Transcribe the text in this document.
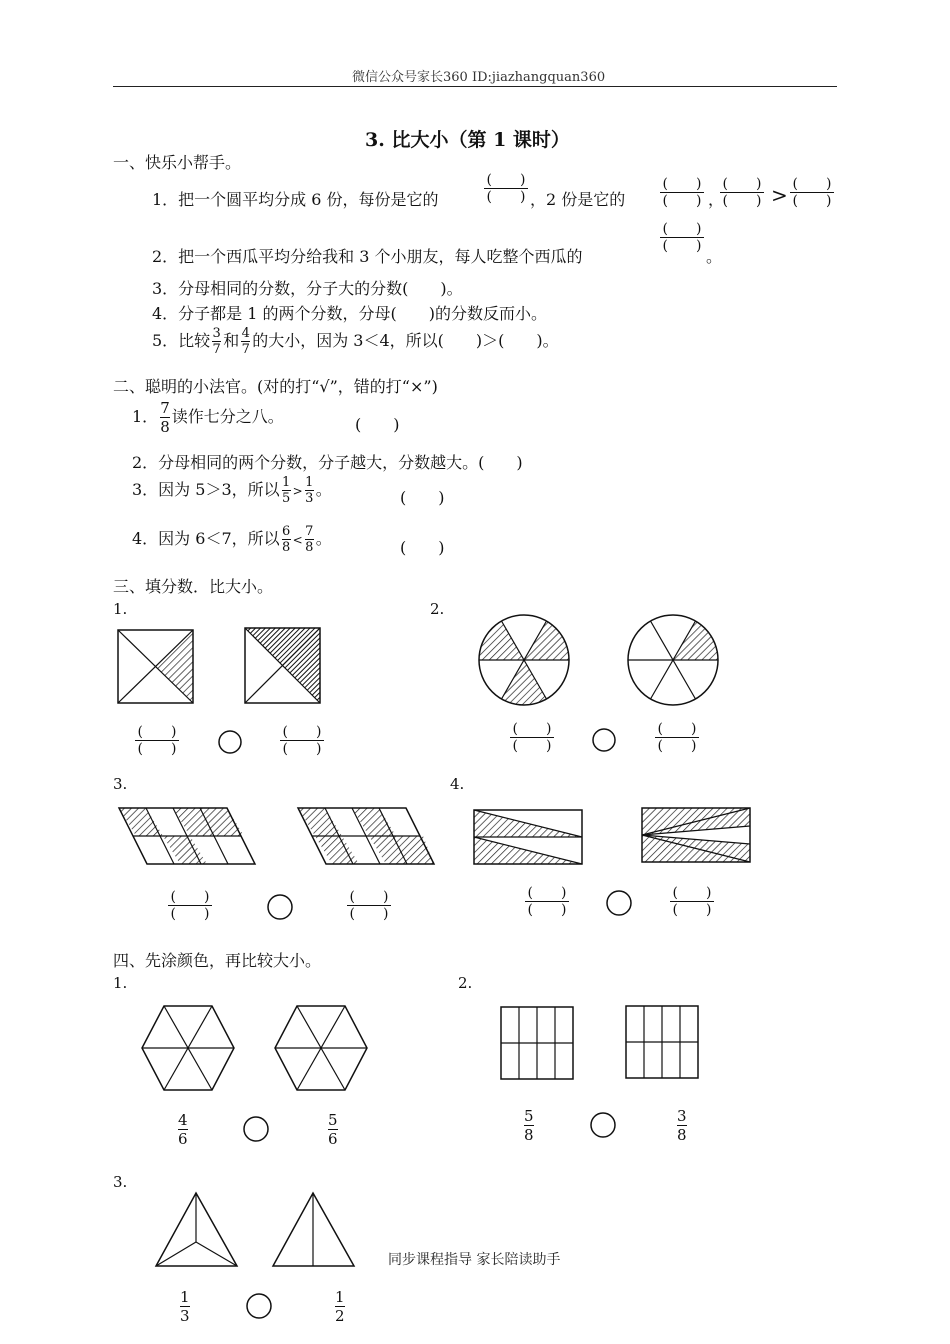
微信公众号家长360 ID:jiazhangquan360
3. 比大小（第 1 课时）
一、快乐小帮手。
1．把一个圆平均分成 6 份，每份是它的
(　　)
(　　) ，2 份是它的
(　　)
(　　) ，
(　　)
(　　) > (　　)
(　　)
2．把一个西瓜平均分给我和 3 个小朋友，每人吃整个西瓜的
(　　)
(　　)
。
3．分母相同的分数，分子大的分数(　　)。
4．分子都是 1 的两个分数，分母(　　)的分数反而小。
5．比较 $\frac{3}{7}$ 和 $\frac{4}{7}$ 的大小，因为 3＜4，所以(　　)＞(　　)。
二、聪明的小法官。(对的打“√”，错的打“×”)
1． $\frac{7}{8}$ 读作七分之八。	(　　)
2．分母相同的两个分数，分子越大，分数越大。(　　)
3．因为 5＞3，所以 $\frac{1}{5} > \frac{1}{3}$ 。	(　　)
4．因为 6＜7，所以 $\frac{6}{8} < \frac{7}{8}$ 。	(　　)
三、填分数．比大小。
1.	2.
3.	4.
(　　)
(　　)
(　　)
(　　)
(　　)
(　　)
(　　)
(　　)
(　　)
(　　)
(　　)
(　　)
(　　)
(　　)
(　　)
(　　)
四、先涂颜色，再比较大小。
1.	2.
3.
$\frac{4}{6}$	$\frac{5}{6}$	$\frac{5}{8}$	$\frac{3}{8}$
$\frac{1}{3}$	$\frac{1}{2}$
同步课程指导 家长陪读助手
